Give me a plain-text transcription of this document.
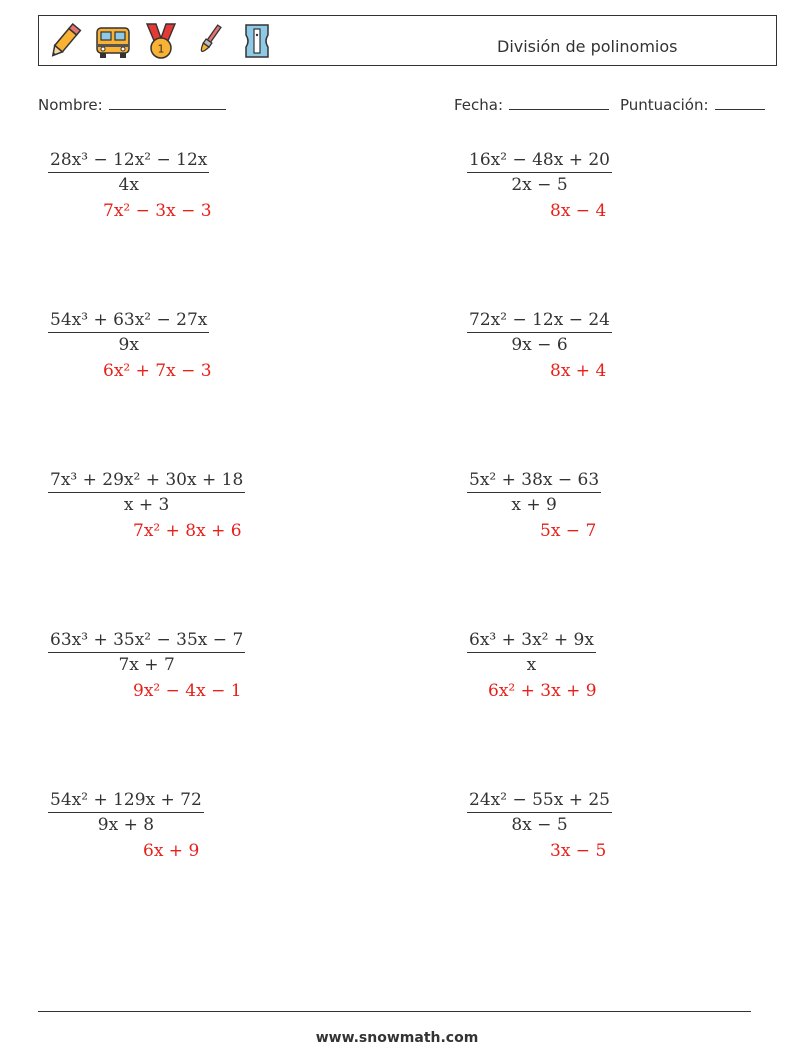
1	División de polinomios
Nombre:	Fecha:	Puntuación:
$\frac{\text{28x³ − 12x² − 12x}}{4x}$
7x² − 3x − 3
$\frac{\text{16x² − 48x + 20}}{2x - 5}$
8x − 4
$\frac{\text{54x³ + 63x² − 27x}}{9x}$
6x² + 7x − 3
$\frac{\text{72x² − 12x − 24}}{9x - 6}$
8x + 4
$\frac{\text{7x³ + 29x² + 30x + 18}}{x + 3}$
7x² + 8x + 6
$\frac{\text{5x² + 38x − 63}}{x + 9}$
5x − 7
$\frac{\text{63x³ + 35x² − 35x − 7}}{7x + 7}$
9x² − 4x − 1
$\frac{\text{6x³ + 3x² + 9x}}{x}$
6x² + 3x + 9
$\frac{\text{54x² + 129x + 72}}{9x + 8}$
6x + 9
$\frac{\text{24x² − 55x + 25}}{8x - 5}$
3x − 5
www.snowmath.com
